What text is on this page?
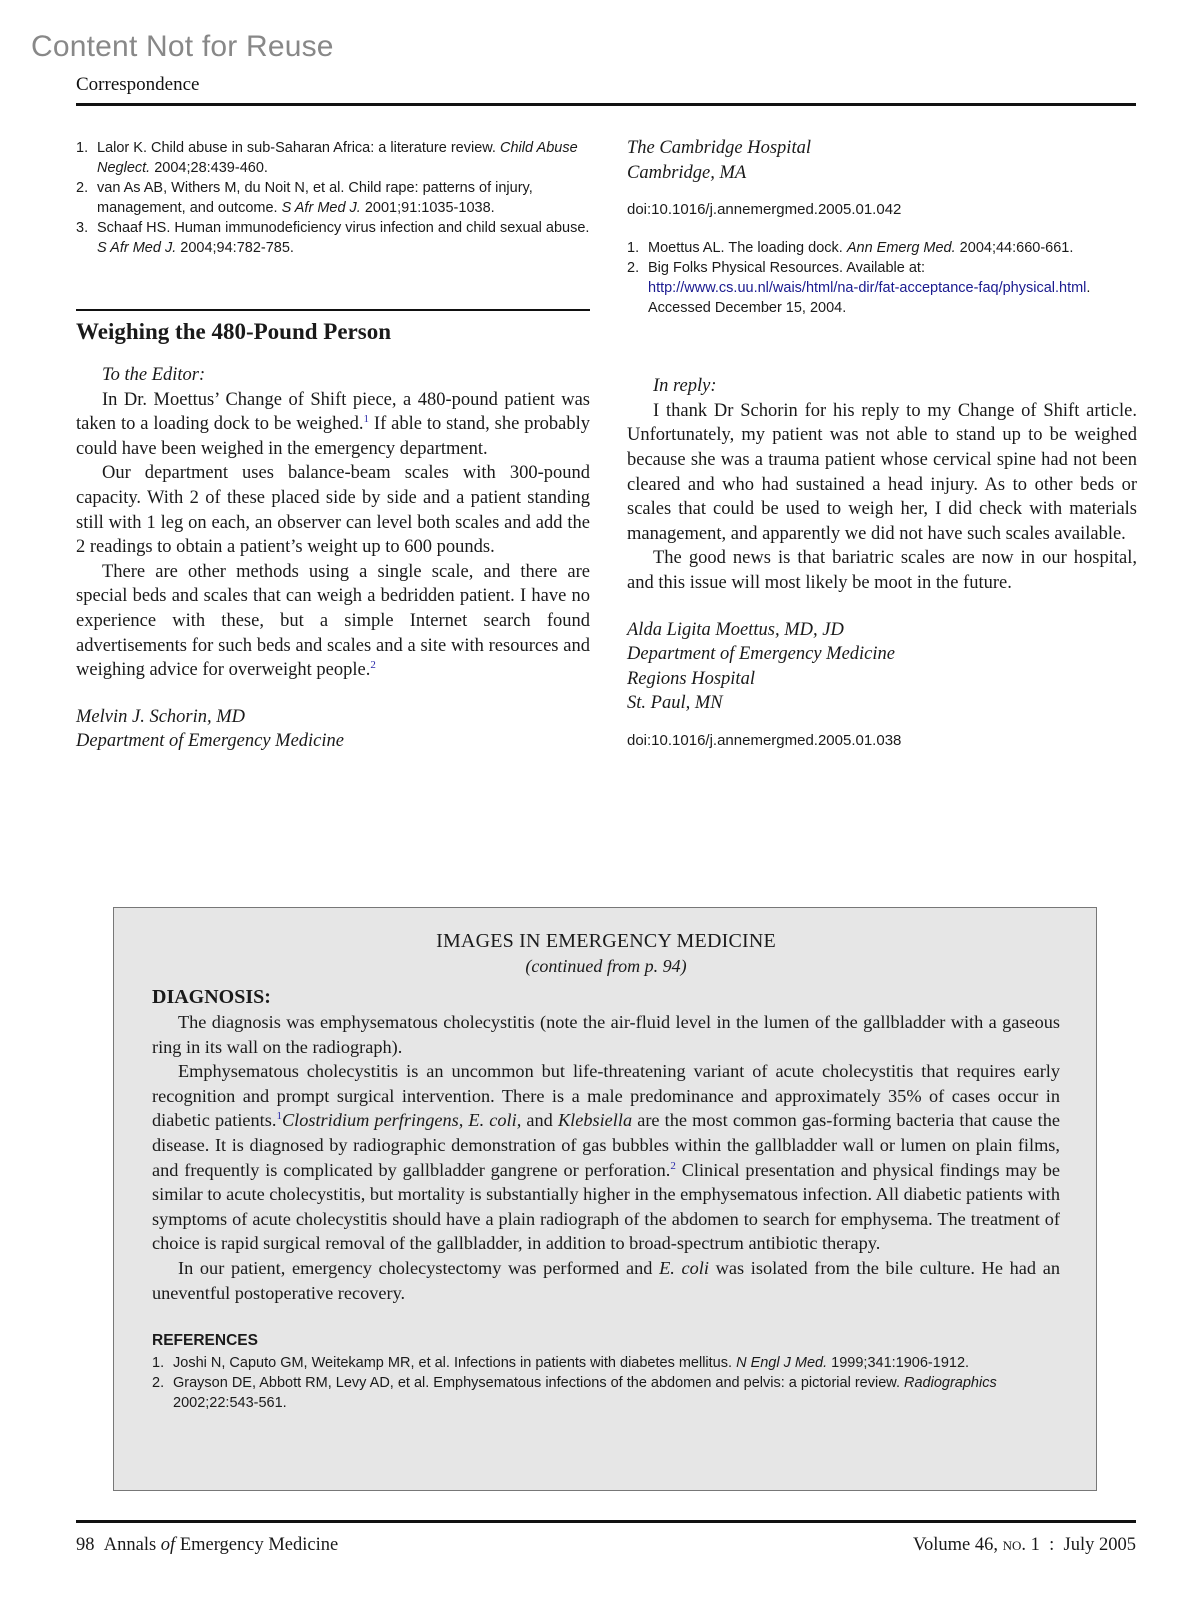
Content Not for Reuse
Correspondence
1. Lalor K. Child abuse in sub-Saharan Africa: a literature review. Child Abuse Neglect. 2004;28:439-460.
2. van As AB, Withers M, du Noit N, et al. Child rape: patterns of injury, management, and outcome. S Afr Med J. 2001;91:1035-1038.
3. Schaaf HS. Human immunodeficiency virus infection and child sexual abuse. S Afr Med J. 2004;94:782-785.
Weighing the 480-Pound Person

To the Editor:

In Dr. Moettus’ Change of Shift piece, a 480-pound patient was taken to a loading dock to be weighed.$^1$ If able to stand, she probably could have been weighed in the emergency department.

Our department uses balance-beam scales with 300-pound capacity. With 2 of these placed side by side and a patient standing still with 1 leg on each, an observer can level both scales and add the 2 readings to obtain a patient’s weight up to 600 pounds.

There are other methods using a single scale, and there are special beds and scales that can weigh a bedridden patient. I have no experience with these, but a simple Internet search found advertisements for such beds and scales and a site with resources and weighing advice for overweight people.$^2$

Melvin J. Schorin, MD

Department of Emergency Medicine

The Cambridge Hospital

Cambridge, MA

doi:10.1016/j.annemergmed.2005.01.042
1. Moettus AL. The loading dock. Ann Emerg Med. 2004;44:660-661.
2. Big Folks Physical Resources. Available at: http://www.cs.uu.nl/wais/html/na-dir/fat-acceptance-faq/physical.html. Accessed December 15, 2004.

In reply:

I thank Dr Schorin for his reply to my Change of Shift article. Unfortunately, my patient was not able to stand up to be weighed because she was a trauma patient whose cervical spine had not been cleared and who had sustained a head injury. As to other beds or scales that could be used to weigh her, I did check with materials management, and apparently we did not have such scales available.

The good news is that bariatric scales are now in our hospital, and this issue will most likely be moot in the future.

Alda Ligita Moettus, MD, JD

Department of Emergency Medicine

Regions Hospital

St. Paul, MN

doi:10.1016/j.annemergmed.2005.01.038
IMAGES IN EMERGENCY MEDICINE
(continued from p. 94)
DIAGNOSIS:

The diagnosis was emphysematous cholecystitis (note the air-fluid level in the lumen of the gallbladder with a gaseous ring in its wall on the radiograph).

Emphysematous cholecystitis is an uncommon but life-threatening variant of acute cholecystitis that requires early recognition and prompt surgical intervention. There is a male predominance and approximately 35% of cases occur in diabetic patients.$^1$Clostridium perfringens, E. coli, and Klebsiella are the most common gas-forming bacteria that cause the disease. It is diagnosed by radiographic demonstration of gas bubbles within the gallbladder wall or lumen on plain films, and frequently is complicated by gallbladder gangrene or perforation.$^2$ Clinical presentation and physical findings may be similar to acute cholecystitis, but mortality is substantially higher in the emphysematous infection. All diabetic patients with symptoms of acute cholecystitis should have a plain radiograph of the abdomen to search for emphysema. The treatment of choice is rapid surgical removal of the gallbladder, in addition to broad-spectrum antibiotic therapy.

In our patient, emergency cholecystectomy was performed and E. coli was isolated from the bile culture. He had an uneventful postoperative recovery.

REFERENCES
1. Joshi N, Caputo GM, Weitekamp MR, et al. Infections in patients with diabetes mellitus. N Engl J Med. 1999;341:1906-1912.
2. Grayson DE, Abbott RM, Levy AD, et al. Emphysematous infections of the abdomen and pelvis: a pictorial review. Radiographics 2002;22:543-561.
98 Annals of Emergency Medicine	Volume 46, no. 1  :  July 2005
